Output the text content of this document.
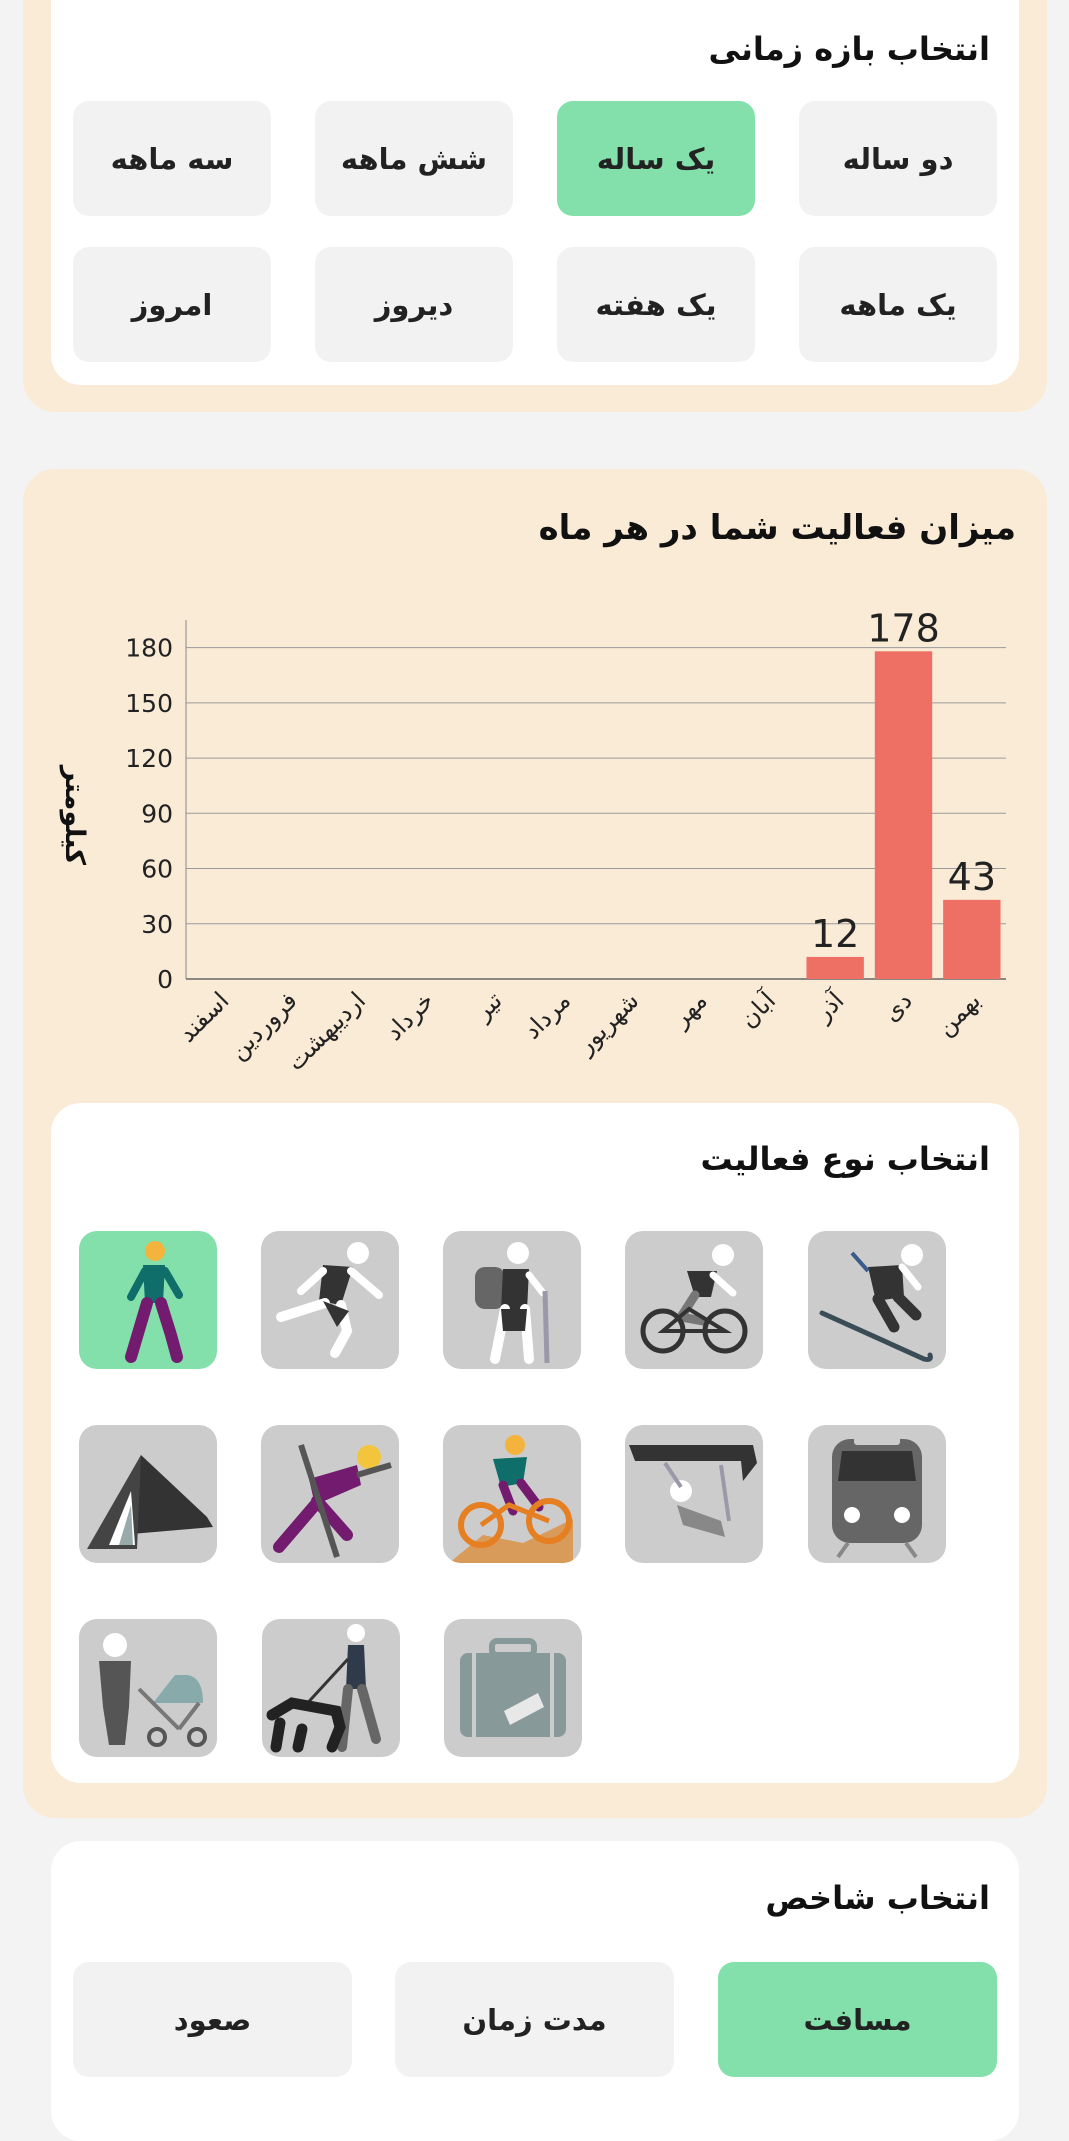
انتخاب بازه زمانی
دو ساله
یک ساله
شش ماهه
سه ماهه
یک ماهه
یک هفته
دیروز
امروز
میزان فعالیت شما در هر ماه
کیلومتر
0
30
60
90
120
150
180
43
بهمن
178
دی
12
آذر
آبان
مهر
شهریور
مرداد
تیر
خرداد
اردیبهشت
فروردین
اسفند
انتخاب نوع فعالیت
انتخاب شاخص
مسافت
مدت زمان
صعود
